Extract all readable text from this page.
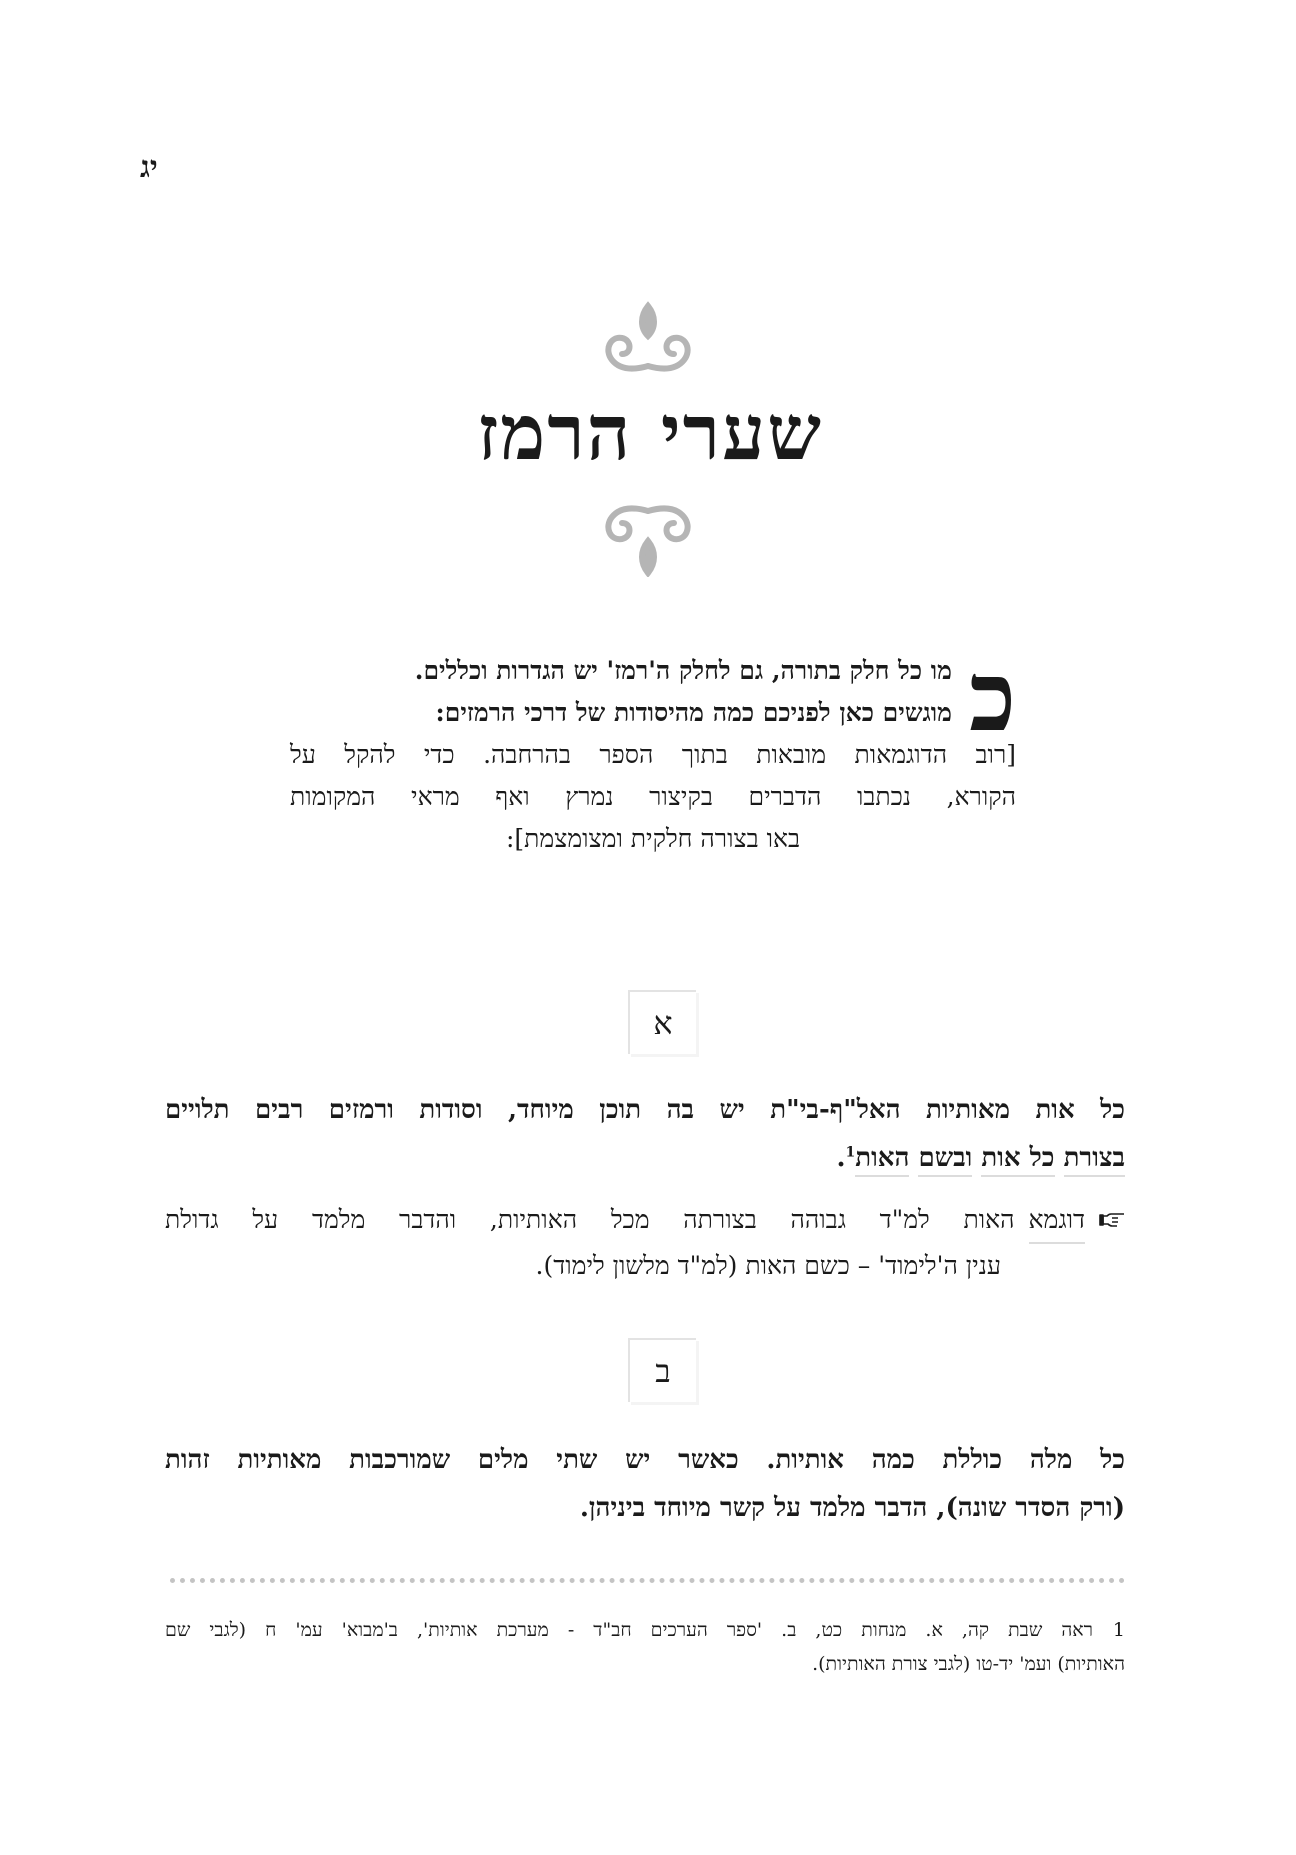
יג
שערי הרמז
כ
מו כל חלק בתורה, גם לחלק ה'רמז' יש הגדרות וכללים.
מוגשים כאן לפניכם כמה מהיסודות של דרכי הרמזים:
[רוב הדוגמאות מובאות בתוך הספר בהרחבה. כדי להקל על
הקורא, נכתבו הדברים בקיצור נמרץ ואף מראי המקומות
באו בצורה חלקית ומצומצמת]:
א
כל אות מאותיות האל"ף-בי"ת יש בה תוכן מיוחד, וסודות ורמזים רבים תלויים
בצורת כל אות ובשם האות$^1$.
דוגמא
האות למ"ד גבוהה בצורתה מכל האותיות, והדבר מלמד על גדולת
ענין ה'לימוד' – כשם האות (למ"ד מלשון לימוד).
ב
כל מלה כוללת כמה אותיות. כאשר יש שתי מלים שמורכבות מאותיות זהות
(ורק הסדר שונה), הדבר מלמד על קשר מיוחד ביניהן.
1
ראה שבת קה, א. מנחות כט, ב. 'ספר הערכים חב"ד - מערכת אותיות', ב'מבוא' עמ' ח (לגבי שם
האותיות) ועמ' יד-טו (לגבי צורת האותיות).
